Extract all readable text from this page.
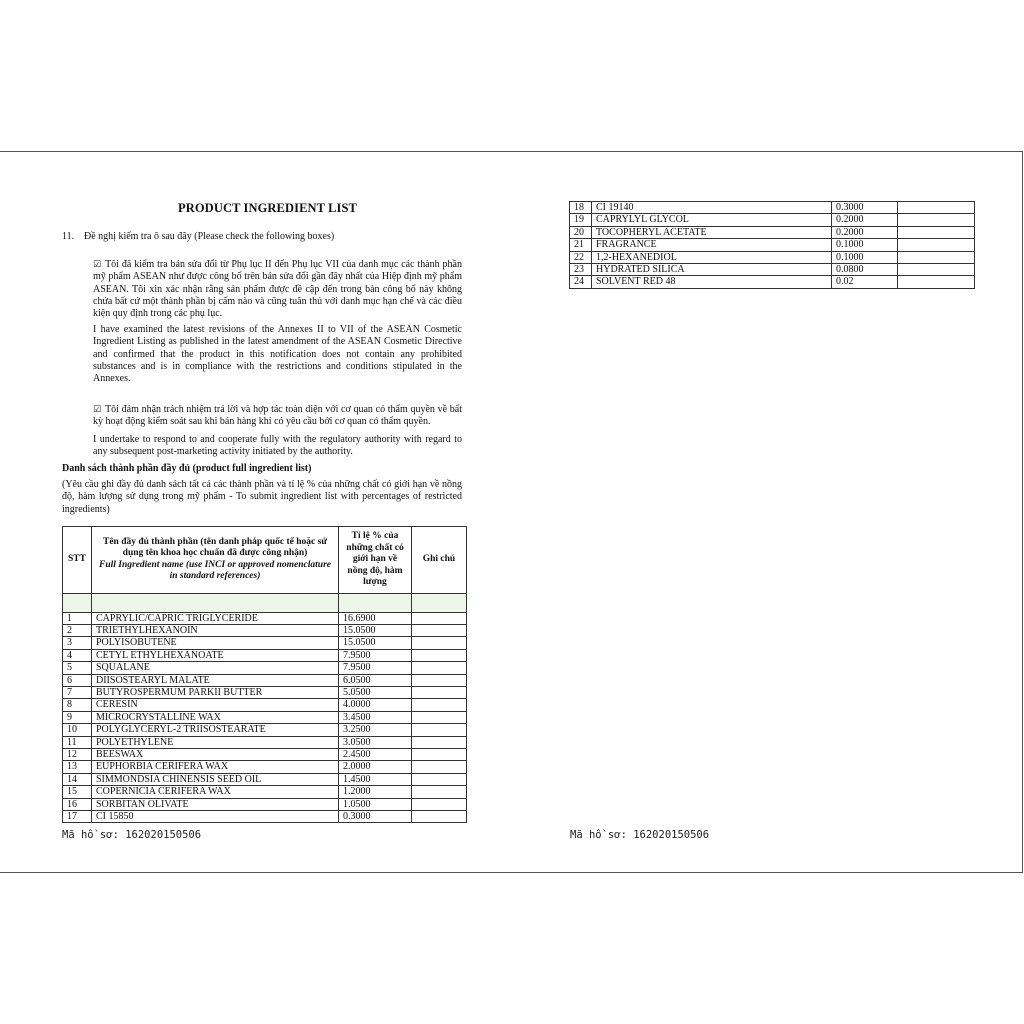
PRODUCT INGREDIENT LIST
11. Đề nghị kiểm tra ô sau đây (Please check the following boxes)
☑ Tôi đã kiểm tra bản sửa đổi từ Phụ lục II đến Phụ lục VII của danh mục các thành phần mỹ phẩm ASEAN như được công bố trên bản sửa đổi gần đây nhất của Hiệp định mỹ phẩm ASEAN. Tôi xin xác nhận rằng sản phẩm được đề cập đến trong bản công bố này không chứa bất cứ một thành phần bị cấm nào và cũng tuân thủ với danh mục hạn chế và các điều kiện quy định trong các phụ lục.
I have examined the latest revisions of the Annexes II to VII of the ASEAN Cosmetic Ingredient Listing as published in the latest amendment of the ASEAN Cosmetic Directive and confirmed that the product in this notification does not contain any prohibited substances and is in compliance with the restrictions and conditions stipulated in the Annexes.
☑ Tôi đảm nhận trách nhiệm trả lời và hợp tác toàn diện với cơ quan có thẩm quyền về bất kỳ hoạt động kiểm soát sau khi bán hàng khi có yêu cầu bởi cơ quan có thẩm quyền.
I undertake to respond to and cooperate fully with the regulatory authority with regard to any subsequent post-marketing activity initiated by the authority.
Danh sách thành phần đầy đủ (product full ingredient list)
(Yêu cầu ghi đầy đủ danh sách tất cả các thành phần và tỉ lệ % của những chất có giới hạn về nồng độ, hàm lượng sử dụng trong mỹ phẩm - To submit ingredient list with percentages of restricted ingredients)
STT	Tên đầy đủ thành phần (tên danh pháp quốc tế hoặc sử dụng tên khoa học chuẩn đã được công nhận)
Full Ingredient name (use INCI or approved nomenclature in standard references)	Tỉ lệ % của những chất có giới hạn về nồng độ, hàm lượng	Ghi chú

1	CAPRYLIC/CAPRIC TRIGLYCERIDE	16.6900	
2	TRIETHYLHEXANOIN	15.0500	
3	POLYISOBUTENE	15.0500	
4	CETYL ETHYLHEXANOATE	7.9500	
5	SQUALANE	7.9500	
6	DIISOSTEARYL MALATE	6.0500	
7	BUTYROSPERMUM PARKII BUTTER	5.0500	
8	CERESIN	4.0000	
9	MICROCRYSTALLINE WAX	3.4500	
10	POLYGLYCERYL-2 TRIISOSTEARATE	3.2500	
11	POLYETHYLENE	3.0500	
12	BEESWAX	2.4500	
13	EUPHORBIA CERIFERA WAX	2.0000	
14	SIMMONDSIA CHINENSIS SEED OIL	1.4500	
15	COPERNICIA CERIFERA WAX	1.2000	
16	SORBITAN OLIVATE	1.0500	
17	CI 15850	0.3000	
18	CI 19140	0.3000	
19	CAPRYLYL GLYCOL	0.2000	
20	TOCOPHERYL ACETATE	0.2000	
21	FRAGRANCE	0.1000	
22	1,2-HEXANEDIOL	0.1000	
23	HYDRATED SILICA	0.0800	
24	SOLVENT RED 48	0.02	
Mã hồ sơ: 162020150506	Mã hồ sơ: 162020150506
